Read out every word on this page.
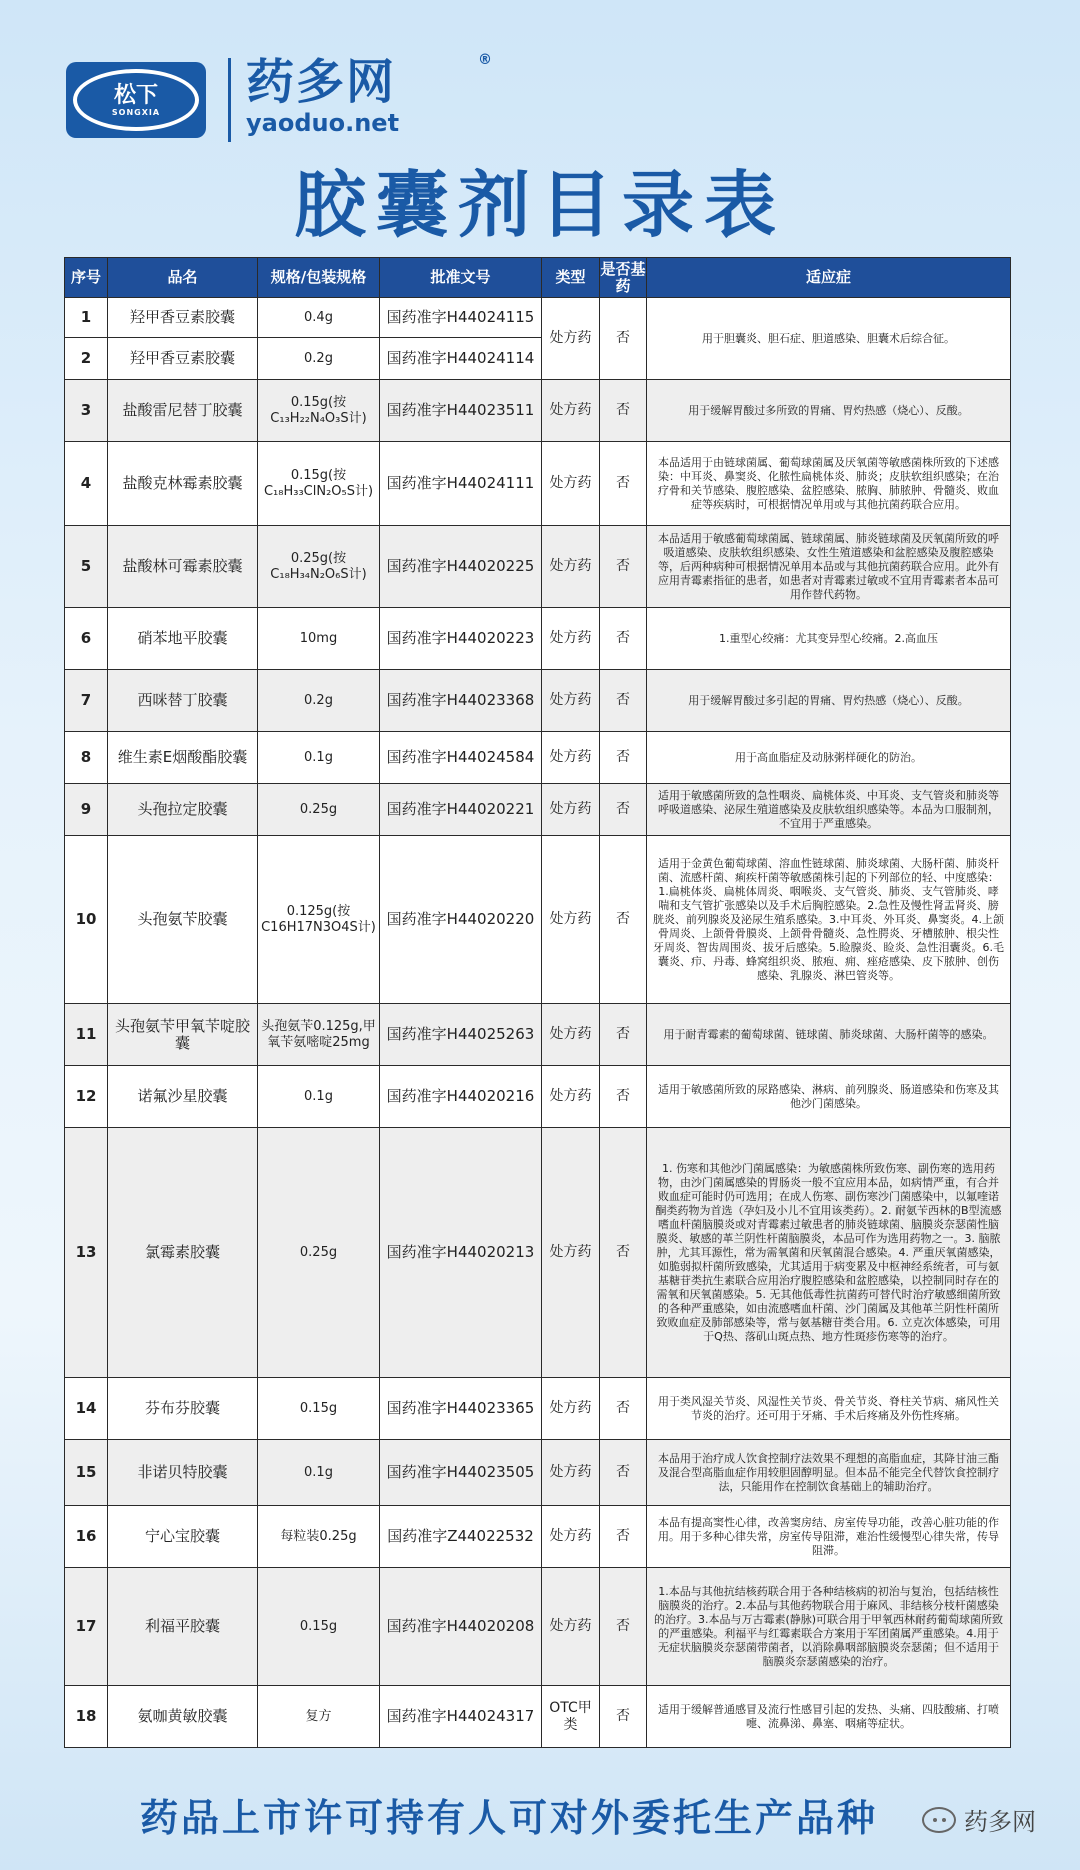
松下
SONGXIA
药多网
yaoduo.net
®
胶囊剂目录表
序号	品名	规格/包装规格	批准文号	类型	是否基药	适应症
1	羟甲香豆素胶囊	0.4g	国药准字H44024115	处方药	否	用于胆囊炎、胆石症、胆道感染、胆囊术后综合征。
2	羟甲香豆素胶囊	0.2g	国药准字H44024114			
3	盐酸雷尼替丁胶囊	0.15g(按C₁₃H₂₂N₄O₃S计)	国药准字H44023511	处方药	否	用于缓解胃酸过多所致的胃痛、胃灼热感（烧心）、反酸。
4	盐酸克林霉素胶囊	0.15g(按C₁₈H₃₃ClN₂O₅S计)	国药准字H44024111	处方药	否	本品适用于由链球菌属、葡萄球菌属及厌氧菌等敏感菌株所致的下述感染：中耳炎、鼻窦炎、化脓性扁桃体炎、肺炎；皮肤软组织感染；在治疗骨和关节感染、腹腔感染、盆腔感染、脓胸、肺脓肿、骨髓炎、败血症等疾病时，可根据情况单用或与其他抗菌药联合应用。
5	盐酸林可霉素胶囊	0.25g(按C₁₈H₃₄N₂O₆S计)	国药准字H44020225	处方药	否	本品适用于敏感葡萄球菌属、链球菌属、肺炎链球菌及厌氧菌所致的呼吸道感染、皮肤软组织感染、女性生殖道感染和盆腔感染及腹腔感染等，后两种病种可根据情况单用本品或与其他抗菌药联合应用。此外有应用青霉素指征的患者，如患者对青霉素过敏或不宜用青霉素者本品可用作替代药物。
6	硝苯地平胶囊	10mg	国药准字H44020223	处方药	否	1.重型心绞痛：尤其变异型心绞痛。2.高血压
7	西咪替丁胶囊	0.2g	国药准字H44023368	处方药	否	用于缓解胃酸过多引起的胃痛、胃灼热感（烧心）、反酸。
8	维生素E烟酸酯胶囊	0.1g	国药准字H44024584	处方药	否	用于高血脂症及动脉粥样硬化的防治。
9	头孢拉定胶囊	0.25g	国药准字H44020221	处方药	否	适用于敏感菌所致的急性咽炎、扁桃体炎、中耳炎、支气管炎和肺炎等呼吸道感染、泌尿生殖道感染及皮肤软组织感染等。本品为口服制剂，不宜用于严重感染。
10	头孢氨苄胶囊	0.125g(按C16H17N3O4S计)	国药准字H44020220	处方药	否	适用于金黄色葡萄球菌、溶血性链球菌、肺炎球菌、大肠杆菌、肺炎杆菌、流感杆菌、痢疾杆菌等敏感菌株引起的下列部位的轻、中度感染：1.扁桃体炎、扁桃体周炎、咽喉炎、支气管炎、肺炎、支气管肺炎、哮喘和支气管扩张感染以及手术后胸腔感染。2.急性及慢性肾盂肾炎、膀胱炎、前列腺炎及泌尿生殖系感染。3.中耳炎、外耳炎、鼻窦炎。4.上颌骨周炎、上颌骨骨膜炎、上颌骨骨髓炎、急性腭炎、牙槽脓肿、根尖性牙周炎、智齿周围炎、拔牙后感染。5.睑腺炎、睑炎、急性泪囊炎。6.毛囊炎、疖、丹毒、蜂窝组织炎、脓疱、痈、痤疮感染、皮下脓肿、创伤感染、乳腺炎、淋巴管炎等。
11	头孢氨苄甲氧苄啶胶囊	头孢氨苄0.125g,甲氧苄氨嘧啶25mg	国药准字H44025263	处方药	否	用于耐青霉素的葡萄球菌、链球菌、肺炎球菌、大肠杆菌等的感染。
12	诺氟沙星胶囊	0.1g	国药准字H44020216	处方药	否	适用于敏感菌所致的尿路感染、淋病、前列腺炎、肠道感染和伤寒及其他沙门菌感染。
13	氯霉素胶囊	0.25g	国药准字H44020213	处方药	否	1. 伤寒和其他沙门菌属感染：为敏感菌株所致伤寒、副伤寒的选用药物，由沙门菌属感染的胃肠炎一般不宜应用本品，如病情严重，有合并败血症可能时仍可选用；在成人伤寒、副伤寒沙门菌感染中，以氟喹诺酮类药物为首选（孕妇及小儿不宜用该类药）。2. 耐氨苄西林的B型流感嗜血杆菌脑膜炎或对青霉素过敏患者的肺炎链球菌、脑膜炎奈瑟菌性脑膜炎、敏感的革兰阴性杆菌脑膜炎，本品可作为选用药物之一。3. 脑脓肿，尤其耳源性，常为需氧菌和厌氧菌混合感染。4. 严重厌氧菌感染，如脆弱拟杆菌所致感染，尤其适用于病变累及中枢神经系统者，可与氨基糖苷类抗生素联合应用治疗腹腔感染和盆腔感染，以控制同时存在的需氧和厌氧菌感染。5. 无其他低毒性抗菌药可替代时治疗敏感细菌所致的各种严重感染，如由流感嗜血杆菌、沙门菌属及其他革兰阴性杆菌所致败血症及肺部感染等，常与氨基糖苷类合用。6. 立克次体感染，可用于Q热、落矶山斑点热、地方性斑疹伤寒等的治疗。
14	芬布芬胶囊	0.15g	国药准字H44023365	处方药	否	用于类风湿关节炎、风湿性关节炎、骨关节炎、脊柱关节病、痛风性关节炎的治疗。还可用于牙痛、手术后疼痛及外伤性疼痛。
15	非诺贝特胶囊	0.1g	国药准字H44023505	处方药	否	本品用于治疗成人饮食控制疗法效果不理想的高脂血症，其降甘油三酯及混合型高脂血症作用较胆固醇明显。但本品不能完全代替饮食控制疗法，只能用作在控制饮食基础上的辅助治疗。
16	宁心宝胶囊	每粒装0.25g	国药准字Z44022532	处方药	否	本品有提高窦性心律，改善窦房结、房室传导功能，改善心脏功能的作用。用于多种心律失常，房室传导阻滞，难治性缓慢型心律失常，传导阻滞。
17	利福平胶囊	0.15g	国药准字H44020208	处方药	否	1.本品与其他抗结核药联合用于各种结核病的初治与复治，包括结核性脑膜炎的治疗。2.本品与其他药物联合用于麻风、非结核分枝杆菌感染的治疗。3.本品与万古霉素(静脉)可联合用于甲氧西林耐药葡萄球菌所致的严重感染。利福平与红霉素联合方案用于军团菌属严重感染。4.用于无症状脑膜炎奈瑟菌带菌者，以消除鼻咽部脑膜炎奈瑟菌；但不适用于脑膜炎奈瑟菌感染的治疗。
18	氨咖黄敏胶囊	复方	国药准字H44024317	OTC甲类	否	适用于缓解普通感冒及流行性感冒引起的发热、头痛、四肢酸痛、打喷嚏、流鼻涕、鼻塞、咽痛等症状。
药品上市许可持有人可对外委托生产品种	药多网
